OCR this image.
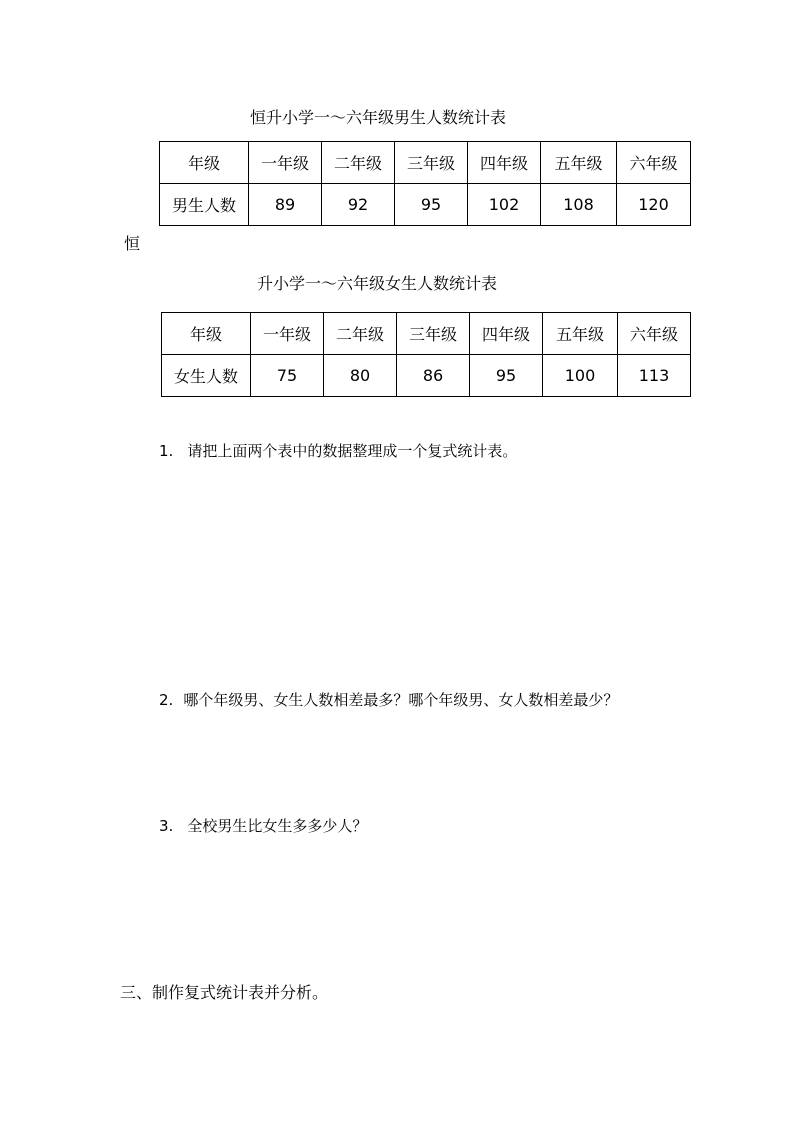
恒升小学一～六年级男生人数统计表
年级	一年级	二年级	三年级	四年级	五年级	六年级
男生人数	89	92	95	102	108	120
恒
升小学一～六年级女生人数统计表
年级	一年级	二年级	三年级	四年级	五年级	六年级
女生人数	75	80	86	95	100	113
1. 请把上面两个表中的数据整理成一个复式统计表。
2. 哪个年级男、女生人数相差最多？哪个年级男、女人数相差最少？
3. 全校男生比女生多多少人？
三、制作复式统计表并分析。
